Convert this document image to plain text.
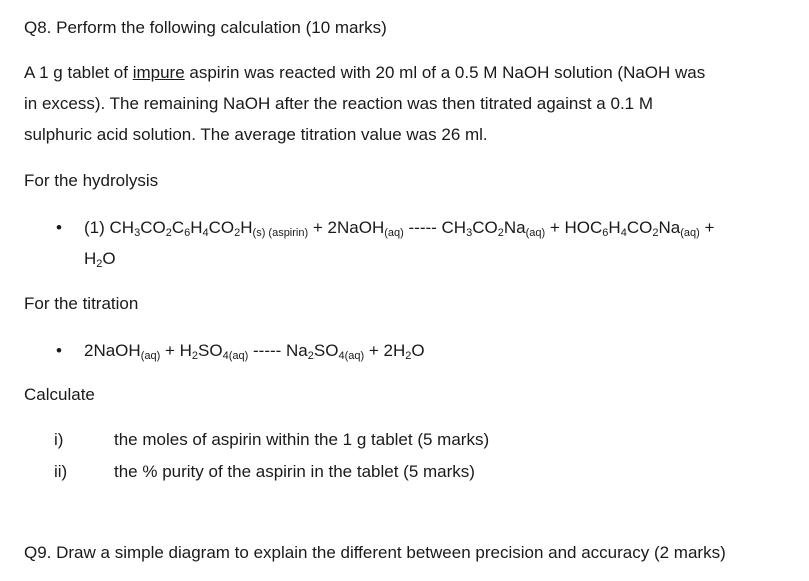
Q8. Perform the following calculation (10 marks)
A 1 g tablet of impure aspirin was reacted with 20 ml of a 0.5 M NaOH solution (NaOH was
in excess). The remaining NaOH after the reaction was then titrated against a 0.1 M
sulphuric acid solution. The average titration value was 26 ml.
For the hydrolysis
• (1) $CH_3CO_2C_6H_4CO_2H(s)$ (aspirin) + 2NaOH(aq) ----- $CH_3CO_2Na(aq) + HOC_6H_4CO_2Na(aq)$ +
$H_2O$
For the titration
• 2NaOH(aq) + $H_2SO_4(aq)$ ----- $Na_2SO_4(aq) + 2H_2O$
Calculate
i)	the moles of aspirin within the 1 g tablet (5 marks)
ii)	the % purity of the aspirin in the tablet (5 marks)
Q9. Draw a simple diagram to explain the different between precision and accuracy (2 marks)
